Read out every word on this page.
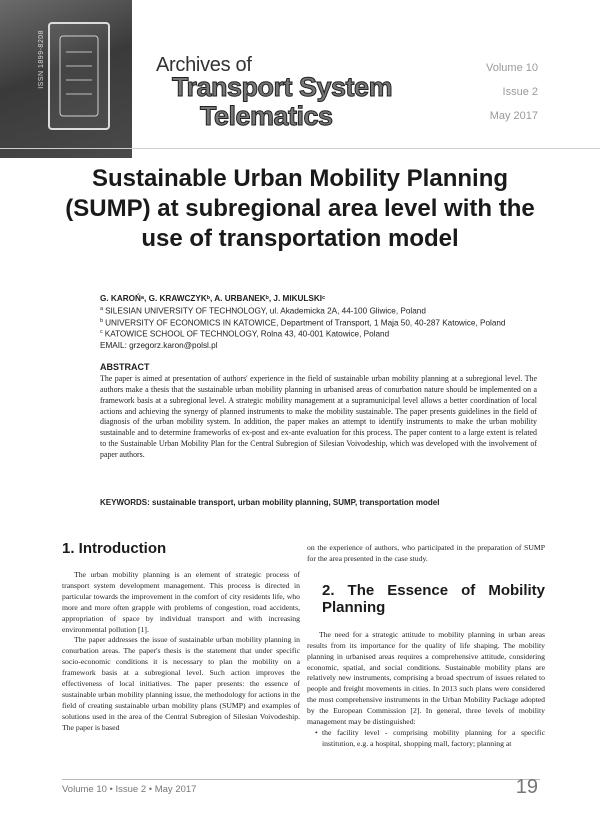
ISSN 1899-8208	Archives of

Transport System

Telematics

Volume 10
Issue 2
May 2017
Sustainable Urban Mobility Planning (SUMP) at subregional area level with the use of transportation model
G. KAROŃᵃ, G. KRAWCZYKᵇ, A. URBANEKᵇ, J. MIKULSKIᶜ
$^a$ SILESIAN UNIVERSITY OF TECHNOLOGY, ul. Akademicka 2A, 44-100 Gliwice, Poland
$^b$ UNIVERSITY OF ECONOMICS IN KATOWICE, Department of Transport, 1 Maja 50, 40-287 Katowice, Poland
$^c$ KATOWICE SCHOOL OF TECHNOLOGY, Rolna 43, 40-001 Katowice, Poland
EMAIL: grzegorz.karon@polsl.pl
ABSTRACT

The paper is aimed at presentation of authors' experience in the field of sustainable urban mobility planning at a subregional level. The authors make a thesis that the sustainable urban mobility planning in urbanised areas of conurbation nature should be implemented on a framework basis at a subregional level. A strategic mobility management at a supramunicipal level allows a better coordination of local actions and achieving the synergy of planned instruments to make the mobility sustainable. The paper presents guidelines in the field of diagnosis of the urban mobility system. In addition, the paper makes an attempt to identify instruments to make the urban mobility sustainable and to determine frameworks of ex-post and ex-ante evaluation for this process. The paper content to a large extent is related to the Sustainable Urban Mobility Plan for the Central Subregion of Silesian Voivodeship, which was developed with the involvement of paper authors.

KEYWORDS: sustainable transport, urban mobility planning, SUMP, transportation model

1. Introduction

The urban mobility planning is an element of strategic process of transport system development management. This process is directed in particular towards the improvement in the comfort of city residents life, who more and more often grapple with problems of congestion, road accidents, appropriation of space by individual transport and with increasing environmental pollution [1].

The paper addresses the issue of sustainable urban mobility planning in conurbation areas. The paper's thesis is the statement that under specific socio-economic conditions it is necessary to plan the mobility on a framework basis at a subregional level. Such action improves the effectiveness of local initiatives. The paper presents: the essence of sustainable urban mobility planning issue, the methodology for actions in the field of creating sustainable urban mobility plans (SUMP) and examples of solutions used in the area of the Central Subregion of Silesian Voivodeship. The paper is based

on the experience of authors, who participated in the preparation of SUMP for the area presented in the case study.

2. The Essence of Mobility Planning

The need for a strategic attitude to mobility planning in urban areas results from its importance for the quality of life shaping. The mobility planning in urbanised areas requires a comprehensive attitude, considering economic, spatial, and social conditions. Sustainable mobility plans are relatively new instruments, comprising a broad spectrum of issues related to people and freight movements in cities. In 2013 such plans were considered the most comprehensive instruments in the Urban Mobility Package adopted by the European Commission [2]. In general, three levels of mobility management may be distinguished:

• the facility level - comprising mobility planning for a specific institution, e.g. a hospital, shopping mall, factory; planning at
Volume 10 • Issue 2 • May 2017	19
